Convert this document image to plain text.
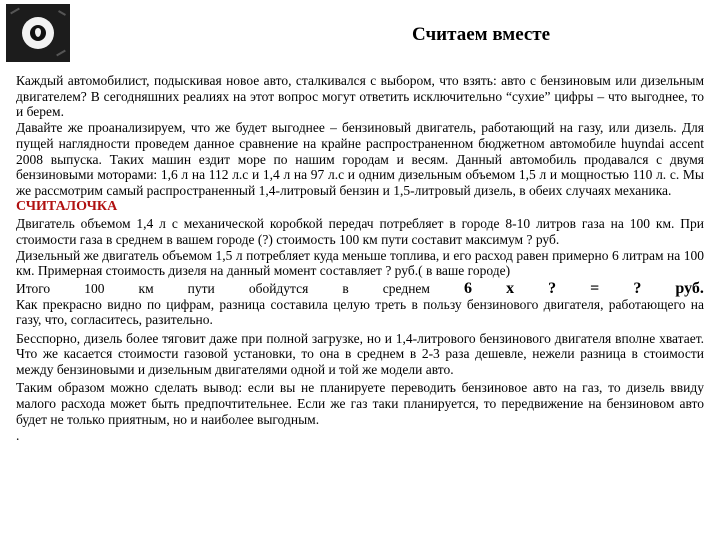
Считаем вместе

Каждый автомобилист, подыскивая новое авто, сталкивался с выбором, что взять: авто с бензиновым или дизельным двигателем? В сегодняшних реалиях на этот вопрос могут ответить исключительно “сухие” цифры – что выгоднее, то и берем.

Давайте же проанализируем, что же будет выгоднее – бензиновый двигатель, работающий на газу, или дизель. Для пущей наглядности проведем данное сравнение на крайне распространенном бюджетном автомобиле huyndai accent 2008 выпуска. Таких машин ездит море по нашим городам и весям. Данный автомобиль продавался с двумя бензиновыми моторами: 1,6 л на 112 л.с и 1,4 л на 97 л.с и одним дизельным объемом 1,5 л и мощностью 110 л. с. Мы же рассмотрим самый распространенный 1,4-литровый бензин и 1,5-литровый дизель, в обеих случаях механика.

СЧИТАЛОЧКА

Двигатель объемом 1,4 л с механической коробкой передач потребляет в городе 8-10 литров газа на 100 км. При стоимости газа в среднем в вашем городе (?) стоимость 100 км пути составит максимум ? руб.

Дизельный же двигатель объемом 1,5 л потребляет куда меньше топлива, и его расход равен примерно 6 литрам на 100 км. Примерная стоимость дизеля на данный момент составляет ? руб.( в ваше городе)

Итого	100	км	пути	обойдутся	в	среднем 6 х ? = ? руб.

Как прекрасно видно по цифрам, разница составила целую треть в пользу бензинового двигателя, работающего на газу, что, согласитесь, разительно.

Бесспорно, дизель более тяговит даже при полной загрузке, но и 1,4-литрового бензинового двигателя вполне хватает. Что же касается стоимости газовой установки, то она в среднем в 2-3 раза дешевле, нежели разница в стоимости между бензиновыми и дизельным двигателями одной и той же модели авто.

Таким образом можно сделать вывод: если вы не планируете переводить бензиновое авто на газ, то дизель ввиду малого расхода может быть предпочтительнее. Если же газ таки планируется, то передвижение на бензиновом авто будет не только приятным, но и наиболее выгодным.

.
